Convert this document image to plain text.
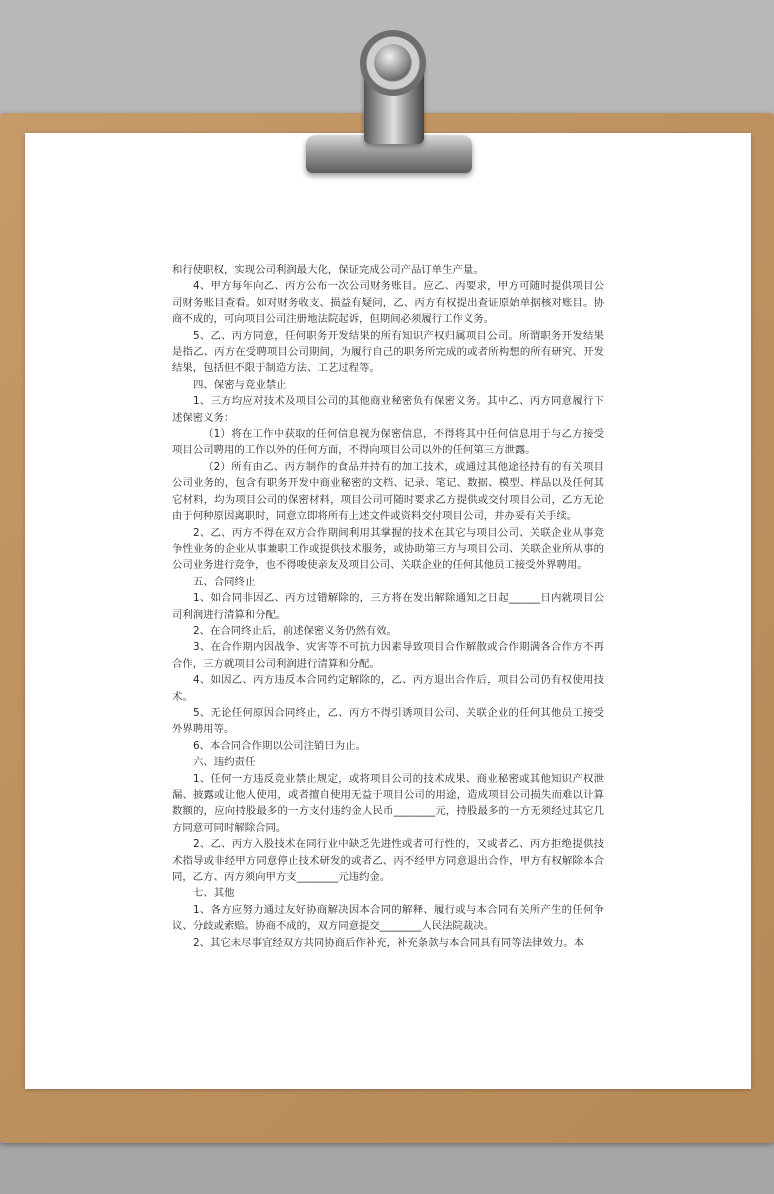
和行使职权，实现公司利润最大化，保证完成公司产品订单生产量。

4、甲方每年向乙、丙方公布一次公司财务账目。应乙、丙要求，甲方可随时提供项目公司财务账目查看。如对财务收支、损益有疑问，乙、丙方有权提出查证原始单据核对账目。协商不成的，可向项目公司注册地法院起诉，但期间必须履行工作义务。

5、乙、丙方同意，任何职务开发结果的所有知识产权归属项目公司。所谓职务开发结果是指乙、丙方在受聘项目公司期间，为履行自己的职务所完成的或者所构想的所有研究、开发结果，包括但不限于制造方法、工艺过程等。

四、保密与竞业禁止

1、三方均应对技术及项目公司的其他商业秘密负有保密义务。其中乙、丙方同意履行下述保密义务：

（1）将在工作中获取的任何信息视为保密信息，不得将其中任何信息用于与乙方接受项目公司聘用的工作以外的任何方面，不得向项目公司以外的任何第三方泄露。

（2）所有由乙、丙方制作的食品并持有的加工技术，或通过其他途径持有的有关项目公司业务的，包含有职务开发中商业秘密的文档、记录、笔记、数据、模型、样品以及任何其它材料，均为项目公司的保密材料，项目公司可随时要求乙方提供或交付项目公司，乙方无论由于何种原因离职时，同意立即将所有上述文件或资料交付项目公司，并办妥有关手续。

2、乙、丙方不得在双方合作期间利用其掌握的技术在其它与项目公司、关联企业从事竞争性业务的企业从事兼职工作或提供技术服务，或协助第三方与项目公司、关联企业所从事的公司业务进行竞争，也不得唆使亲友及项目公司、关联企业的任何其他员工接受外界聘用。

五、合同终止

1、如合同非因乙、丙方过错解除的，三方将在发出解除通知之日起______日内就项目公司利润进行清算和分配。

2、在合同终止后，前述保密义务仍然有效。

3、在合作期内因战争、灾害等不可抗力因素导致项目合作解散或合作期满各合作方不再合作，三方就项目公司利润进行清算和分配。

4、如因乙、丙方违反本合同约定解除的，乙、丙方退出合作后，项目公司仍有权使用技术。

5、无论任何原因合同终止，乙、丙方不得引诱项目公司、关联企业的任何其他员工接受外界聘用等。

6、本合同合作期以公司注销日为止。

六、违约责任

1、任何一方违反竞业禁止规定，或将项目公司的技术成果、商业秘密或其他知识产权泄漏、披露或让他人使用，或者擅自使用无益于项目公司的用途，造成项目公司损失而难以计算数额的，应向持股最多的一方支付违约金人民币________元，持股最多的一方无须经过其它几方同意可同时解除合同。

2、乙、丙方入股技术在同行业中缺乏先进性或者可行性的，又或者乙、丙方拒绝提供技术指导或非经甲方同意停止技术研发的或者乙、丙不经甲方同意退出合作，甲方有权解除本合同，乙方、丙方须向甲方支________元违约金。

七、其他

1、各方应努力通过友好协商解决因本合同的解释、履行或与本合同有关所产生的任何争议、分歧或索赔。协商不成的，双方同意提交________人民法院裁决。

2、其它未尽事宜经双方共同协商后作补充，补充条款与本合同具有同等法律效力。本
